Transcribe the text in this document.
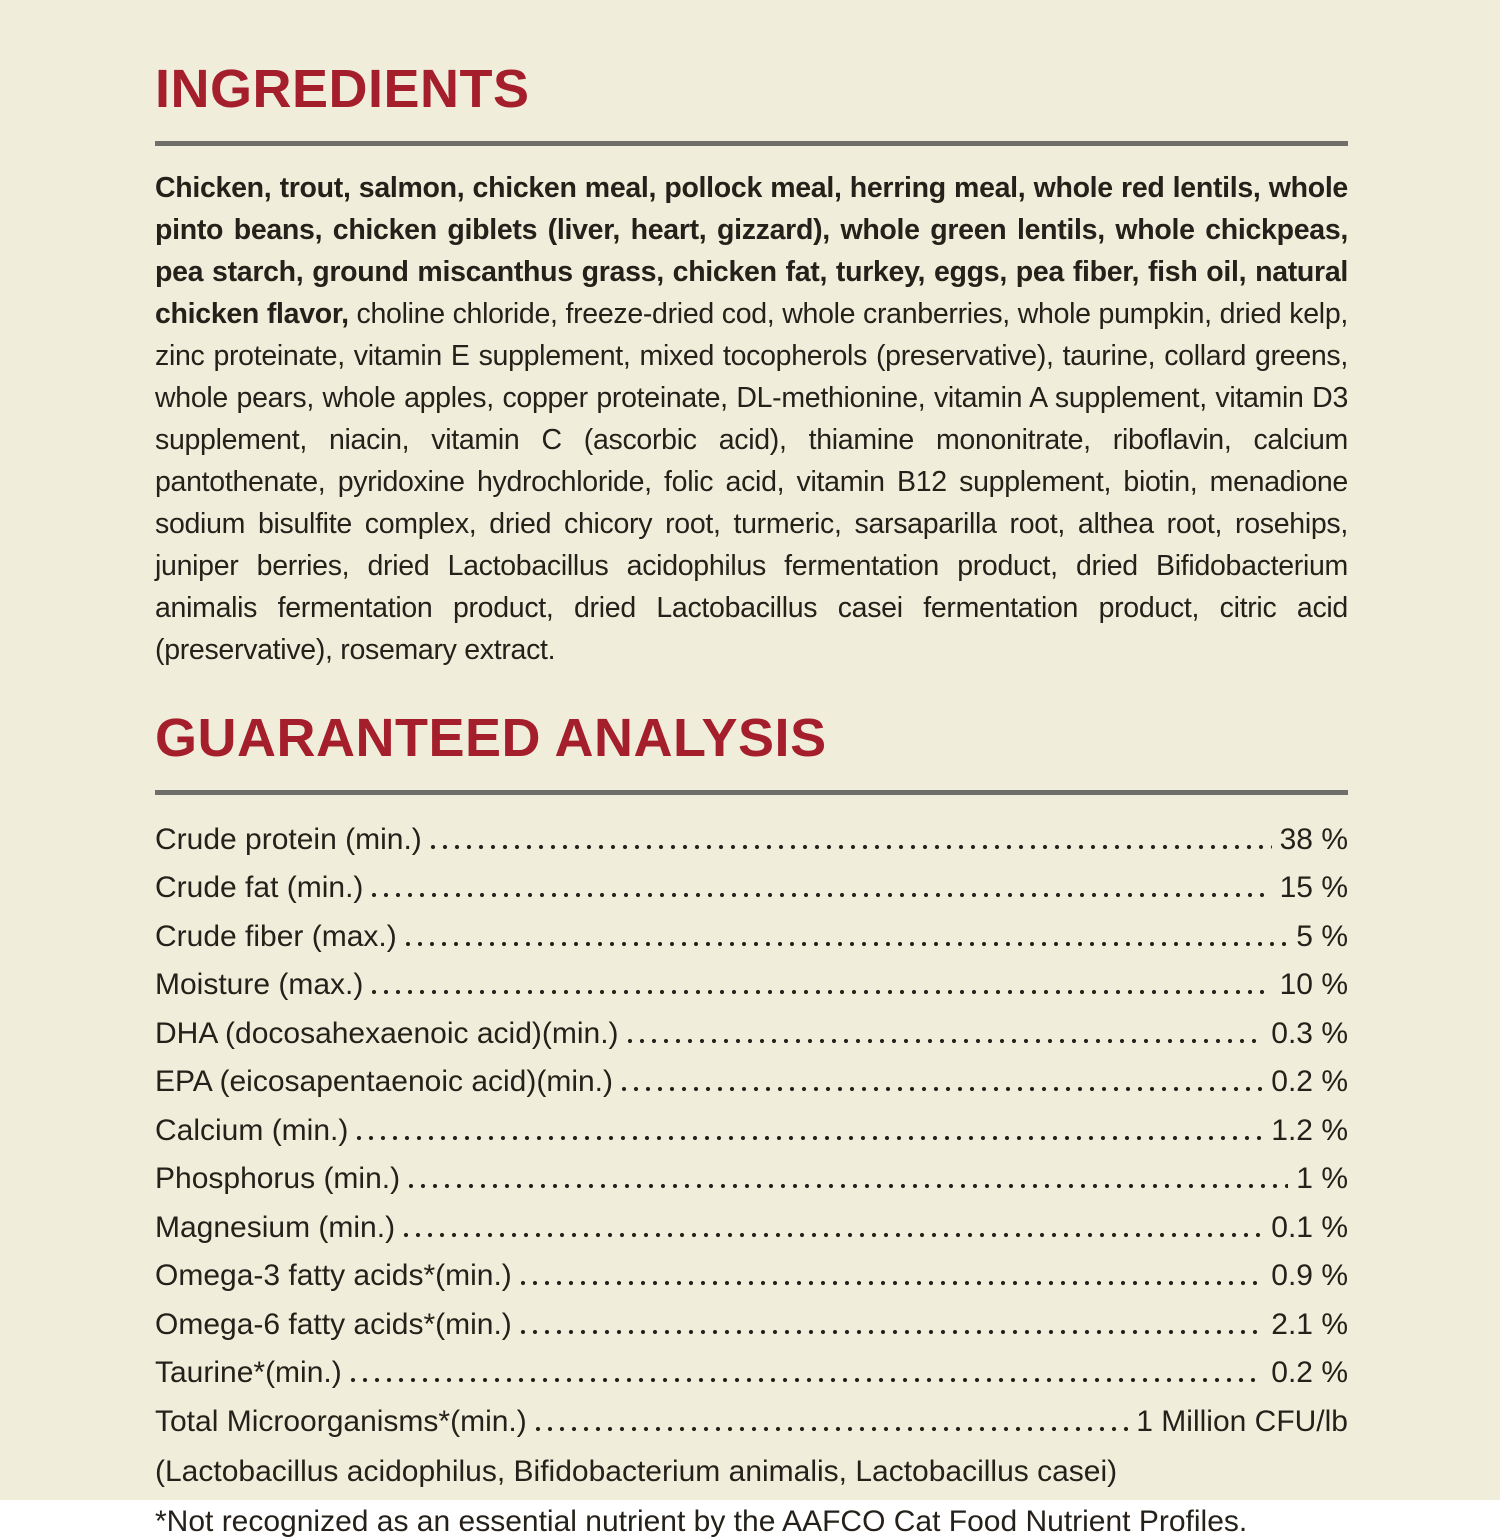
INGREDIENTS

Chicken, trout, salmon, chicken meal, pollock meal, herring meal, whole red lentils, whole pinto beans, chicken giblets (liver, heart, gizzard), whole green lentils, whole chickpeas, pea starch, ground miscanthus grass, chicken fat, turkey, eggs, pea fiber, fish oil, natural chicken flavor, choline chloride, freeze-dried cod, whole cranberries, whole pumpkin, dried kelp, zinc proteinate, vitamin E supplement, mixed tocopherols (preservative), taurine, collard greens, whole pears, whole apples, copper proteinate, DL-methionine, vitamin A supplement, vitamin D3 supplement, niacin, vitamin C (ascorbic acid), thiamine mononitrate, riboflavin, calcium pantothenate, pyridoxine hydrochloride, folic acid, vitamin B12 supplement, biotin, menadione sodium bisulfite complex, dried chicory root, turmeric, sarsaparilla root, althea root, rosehips, juniper berries, dried Lactobacillus acidophilus fermentation product, dried Bifidobacterium animalis fermentation product, dried Lactobacillus casei fermentation product, citric acid (preservative), rosemary extract.

GUARANTEED ANALYSIS
Crude protein (min.)	38 %
Crude fat (min.)	15 %
Crude fiber (max.)	5 %
Moisture (max.)	10 %
DHA (docosahexaenoic acid)(min.)	0.3 %
EPA (eicosapentaenoic acid)(min.)	0.2 %
Calcium (min.)	1.2 %
Phosphorus (min.)	1 %
Magnesium (min.)	0.1 %
Omega-3 fatty acids*(min.)	0.9 %
Omega-6 fatty acids*(min.)	2.1 %
Taurine*(min.)	0.2 %
Total Microorganisms*(min.)	1 Million CFU/lb
(Lactobacillus acidophilus, Bifidobacterium animalis, Lactobacillus casei)
*Not recognized as an essential nutrient by the AAFCO Cat Food Nutrient Profiles.
